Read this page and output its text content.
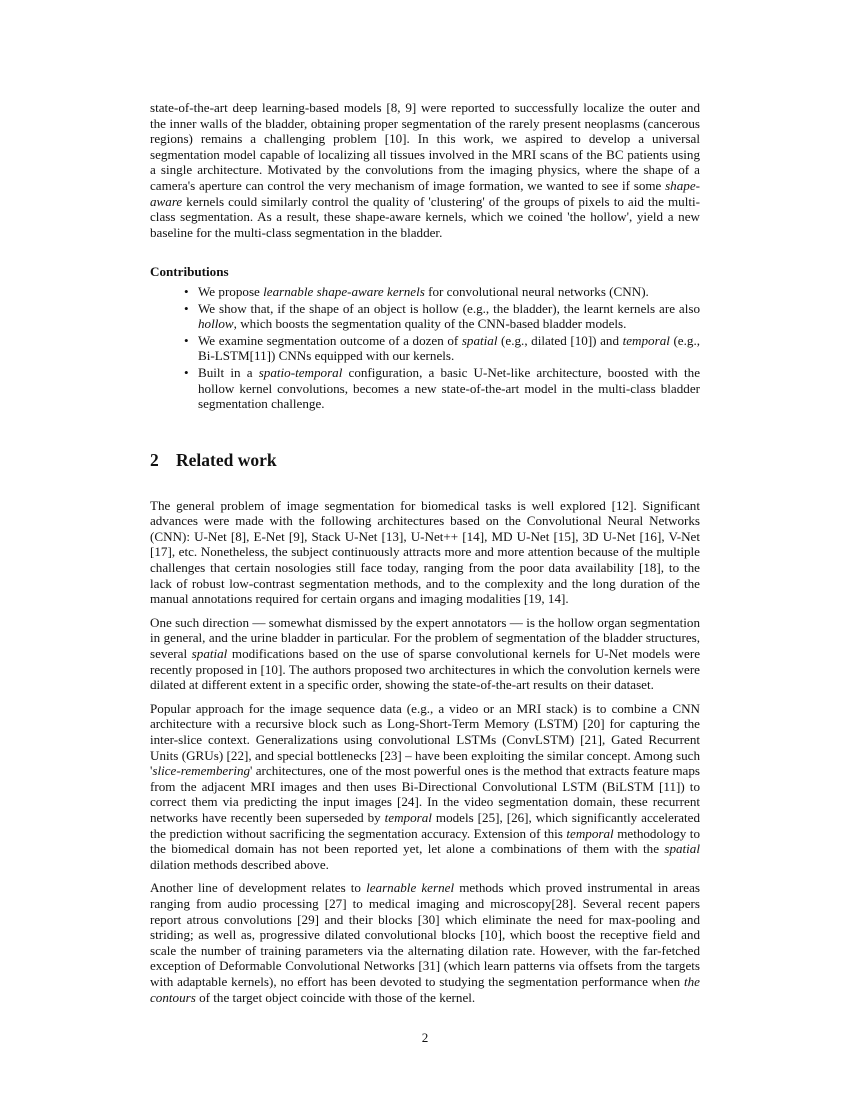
state-of-the-art deep learning-based models [8, 9] were reported to successfully localize the outer and the inner walls of the bladder, obtaining proper segmentation of the rarely present neoplasms (cancerous regions) remains a challenging problem [10]. In this work, we aspired to develop a universal segmentation model capable of localizing all tissues involved in the MRI scans of the BC patients using a single architecture. Motivated by the convolutions from the imaging physics, where the shape of a camera's aperture can control the very mechanism of image formation, we wanted to see if some shape-aware kernels could similarly control the quality of 'clustering' of the groups of pixels to aid the multi-class segmentation. As a result, these shape-aware kernels, which we coined 'the hollow', yield a new baseline for the multi-class segmentation in the bladder.

Contributions
• We propose learnable shape-aware kernels for convolutional neural networks (CNN).
• We show that, if the shape of an object is hollow (e.g., the bladder), the learnt kernels are also hollow, which boosts the segmentation quality of the CNN-based bladder models.
• We examine segmentation outcome of a dozen of spatial (e.g., dilated [10]) and temporal (e.g., Bi-LSTM[11]) CNNs equipped with our kernels.
• Built in a spatio-temporal configuration, a basic U-Net-like architecture, boosted with the hollow kernel convolutions, becomes a new state-of-the-art model in the multi-class bladder segmentation challenge.
2 Related work

The general problem of image segmentation for biomedical tasks is well explored [12]. Significant advances were made with the following architectures based on the Convolutional Neural Networks (CNN): U-Net [8], E-Net [9], Stack U-Net [13], U-Net++ [14], MD U-Net [15], 3D U-Net [16], V-Net [17], etc. Nonetheless, the subject continuously attracts more and more attention because of the multiple challenges that certain nosologies still face today, ranging from the poor data availability [18], to the lack of robust low-contrast segmentation methods, and to the complexity and the long duration of the manual annotations required for certain organs and imaging modalities [19, 14].

One such direction — somewhat dismissed by the expert annotators — is the hollow organ segmentation in general, and the urine bladder in particular. For the problem of segmentation of the bladder structures, several spatial modifications based on the use of sparse convolutional kernels for U-Net models were recently proposed in [10]. The authors proposed two architectures in which the convolution kernels were dilated at different extent in a specific order, showing the state-of-the-art results on their dataset.

Popular approach for the image sequence data (e.g., a video or an MRI stack) is to combine a CNN architecture with a recursive block such as Long-Short-Term Memory (LSTM) [20] for capturing the inter-slice context. Generalizations using convolutional LSTMs (ConvLSTM) [21], Gated Recurrent Units (GRUs) [22], and special bottlenecks [23] – have been exploiting the similar concept. Among such 'slice-remembering' architectures, one of the most powerful ones is the method that extracts feature maps from the adjacent MRI images and then uses Bi-Directional Convolutional LSTM (BiLSTM [11]) to correct them via predicting the input images [24]. In the video segmentation domain, these recurrent networks have recently been superseded by temporal models [25], [26], which significantly accelerated the prediction without sacrificing the segmentation accuracy. Extension of this temporal methodology to the biomedical domain has not been reported yet, let alone a combinations of them with the spatial dilation methods described above.

Another line of development relates to learnable kernel methods which proved instrumental in areas ranging from audio processing [27] to medical imaging and microscopy[28]. Several recent papers report atrous convolutions [29] and their blocks [30] which eliminate the need for max-pooling and striding; as well as, progressive dilated convolutional blocks [10], which boost the receptive field and scale the number of training parameters via the alternating dilation rate. However, with the far-fetched exception of Deformable Convolutional Networks [31] (which learn patterns via offsets from the targets with adaptable kernels), no effort has been devoted to studying the segmentation performance when the contours of the target object coincide with those of the kernel.

2
